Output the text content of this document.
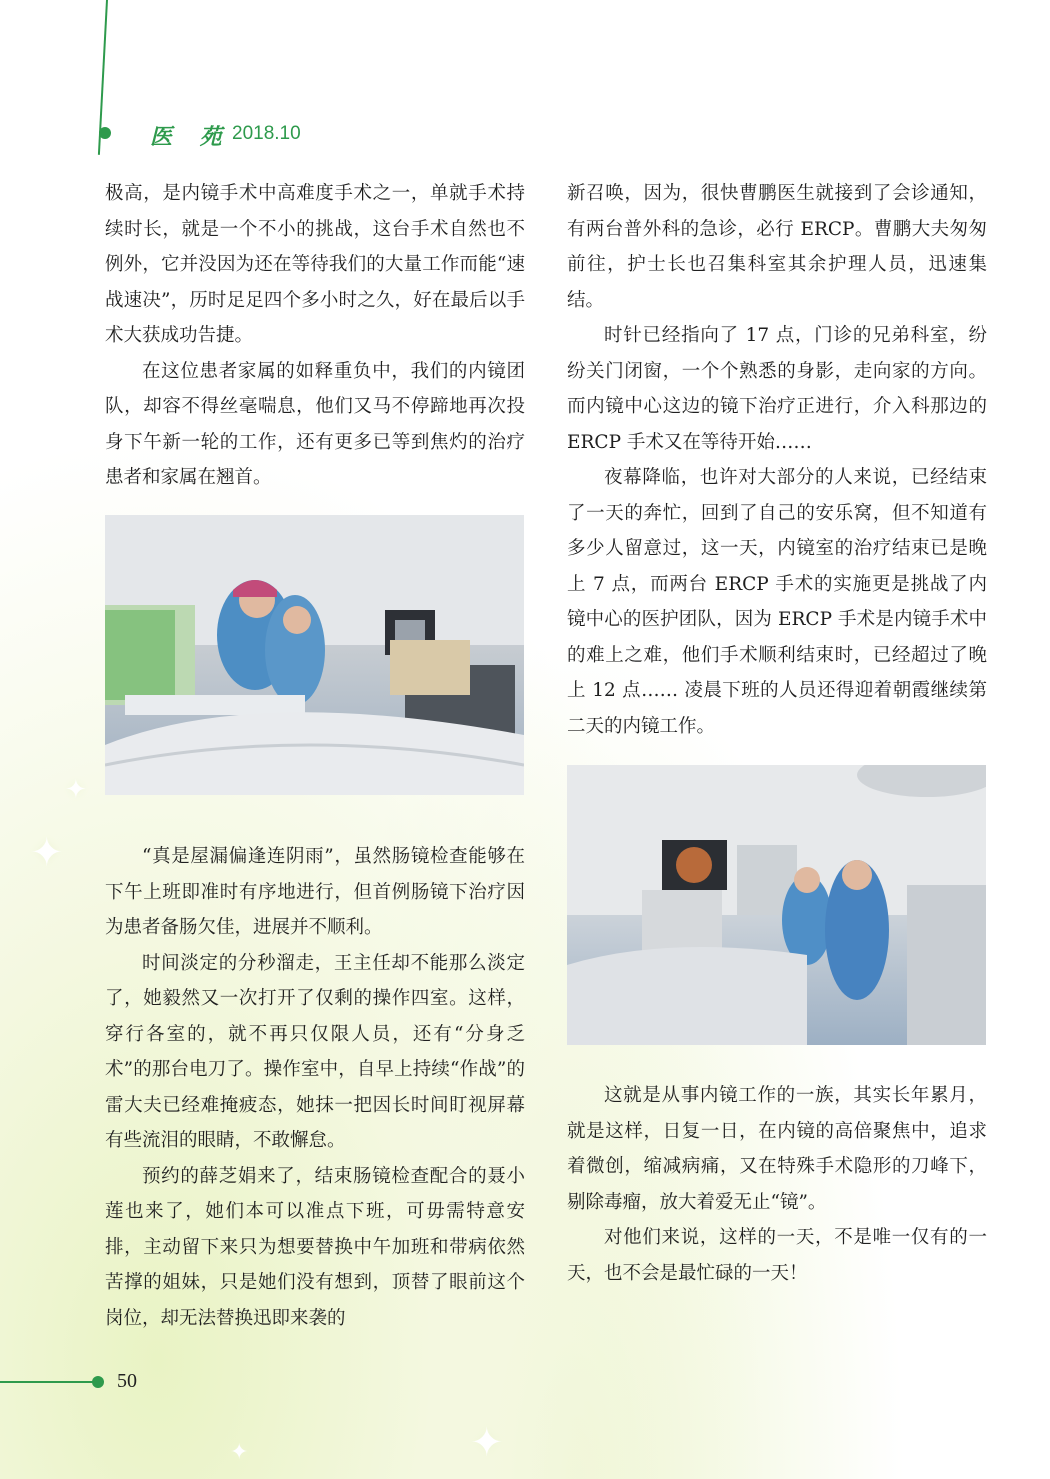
医 苑 2018.10

极高，是内镜手术中高难度手术之一，单就手术持续时长，就是一个不小的挑战，这台手术自然也不例外，它并没因为还在等待我们的大量工作而能“速战速决”，历时足足四个多小时之久，好在最后以手术大获成功告捷。

在这位患者家属的如释重负中，我们的内镜团队，却容不得丝毫喘息，他们又马不停蹄地再次投身下午新一轮的工作，还有更多已等到焦灼的治疗患者和家属在翘首。

“真是屋漏偏逢连阴雨”，虽然肠镜检查能够在下午上班即准时有序地进行，但首例肠镜下治疗因为患者备肠欠佳，进展并不顺利。

时间淡定的分秒溜走，王主任却不能那么淡定了，她毅然又一次打开了仅剩的操作四室。这样，穿行各室的，就不再只仅限人员，还有“分身乏术”的那台电刀了。操作室中，自早上持续“作战”的雷大夫已经难掩疲态，她抹一把因长时间盯视屏幕有些流泪的眼睛，不敢懈怠。

预约的薛芝娟来了，结束肠镜检查配合的聂小莲也来了，她们本可以准点下班，可毋需特意安排，主动留下来只为想要替换中午加班和带病依然苦撑的姐妹，只是她们没有想到，顶替了眼前这个岗位，却无法替换迅即来袭的

新召唤，因为，很快曹鹏医生就接到了会诊通知，有两台普外科的急诊，必行 ERCP。曹鹏大夫匆匆前往，护士长也召集科室其余护理人员，迅速集结。

时针已经指向了 17 点，门诊的兄弟科室，纷纷关门闭窗，一个个熟悉的身影，走向家的方向。而内镜中心这边的镜下治疗正进行，介入科那边的 ERCP 手术又在等待开始……

夜幕降临，也许对大部分的人来说，已经结束了一天的奔忙，回到了自己的安乐窝，但不知道有多少人留意过，这一天，内镜室的治疗结束已是晚上 7 点，而两台 ERCP 手术的实施更是挑战了内镜中心的医护团队，因为 ERCP 手术是内镜手术中的难上之难，他们手术顺利结束时，已经超过了晚上 12 点…… 凌晨下班的人员还得迎着朝霞继续第二天的内镜工作。

这就是从事内镜工作的一族，其实长年累月，就是这样，日复一日，在内镜的高倍聚焦中，追求着微创，缩减病痛，又在特殊手术隐形的刀峰下，剔除毒瘤，放大着爱无止“镜”。

对他们来说，这样的一天，不是唯一仅有的一天，也不会是最忙碌的一天！

✦
✦
✦
✦
50
